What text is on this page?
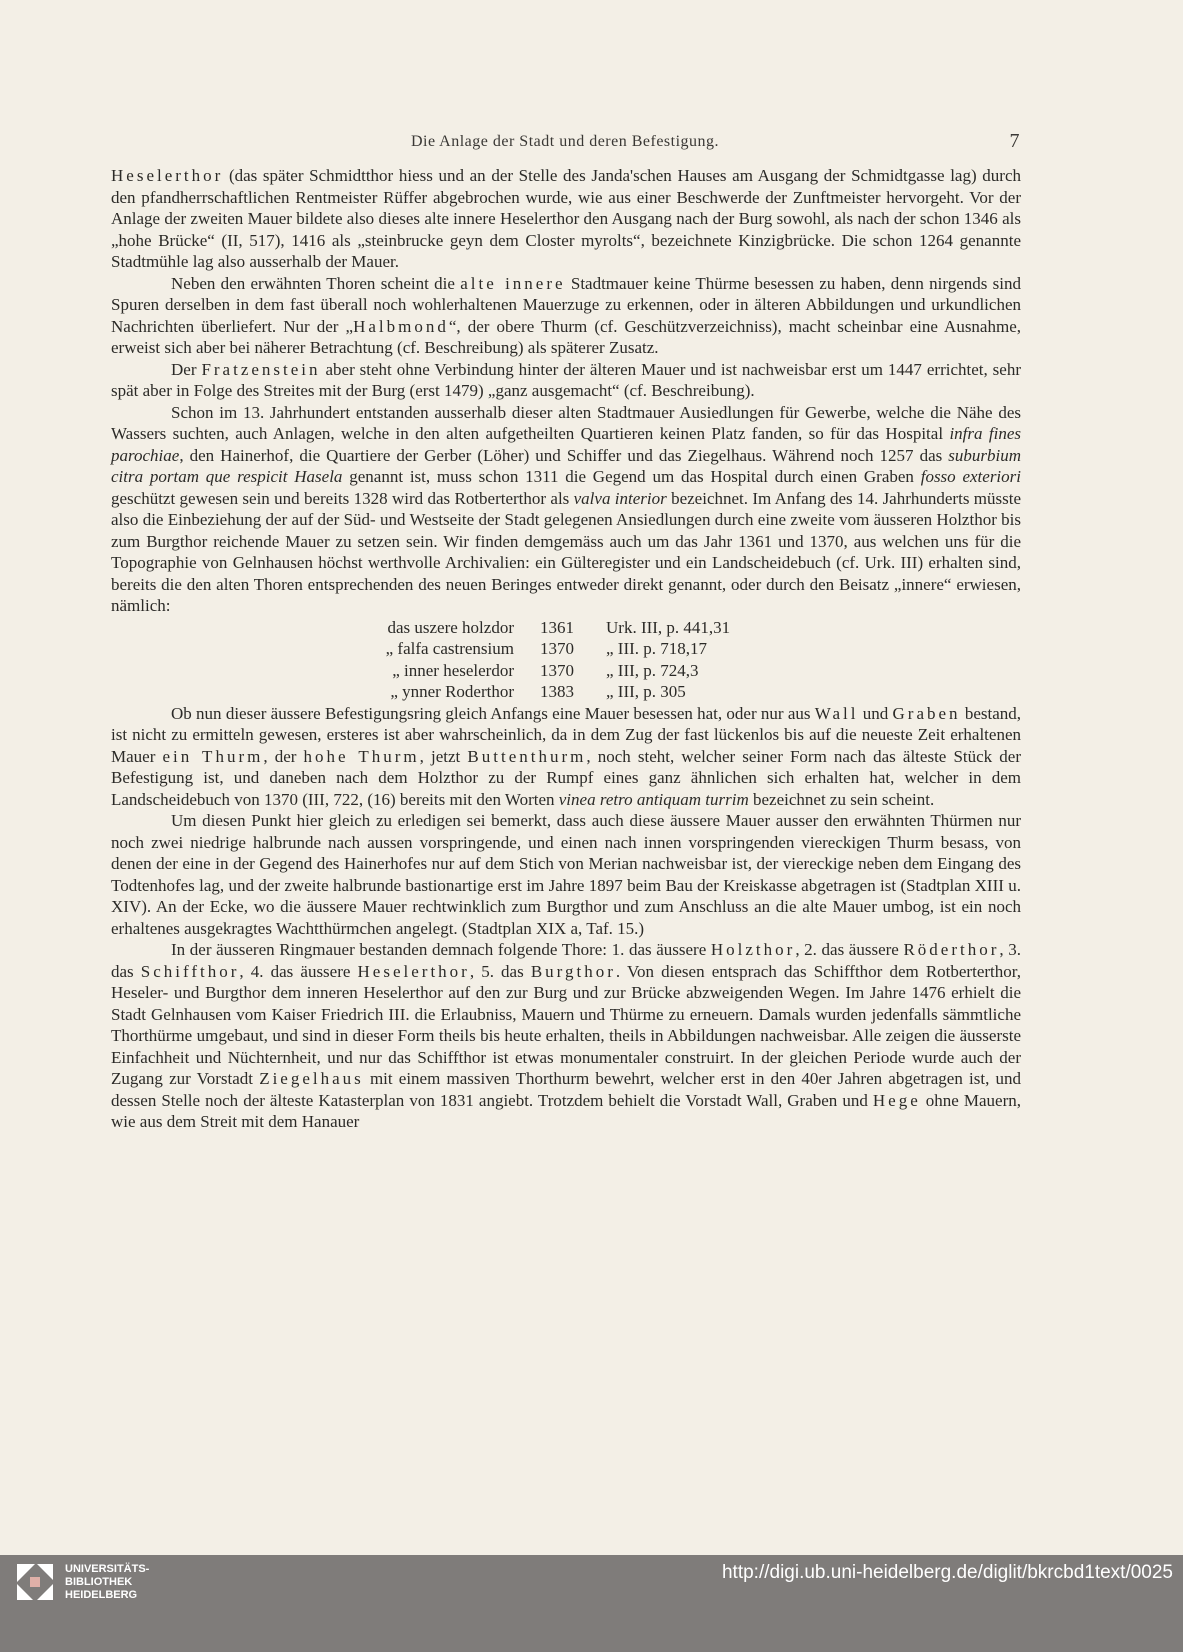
Die Anlage der Stadt und deren Befestigung.	7

Heselerthor (das später Schmidtthor hiess und an der Stelle des Janda'schen Hauses am Ausgang der Schmidtgasse lag) durch den pfandherrschaftlichen Rentmeister Rüffer abgebrochen wurde, wie aus einer Beschwerde der Zunftmeister hervorgeht. Vor der Anlage der zweiten Mauer bildete also dieses alte innere Heselerthor den Ausgang nach der Burg sowohl, als nach der schon 1346 als „hohe Brücke“ (II, 517), 1416 als „steinbrucke geyn dem Closter myrolts“, bezeichnete Kinzigbrücke. Die schon 1264 genannte Stadtmühle lag also ausserhalb der Mauer.

Neben den erwähnten Thoren scheint die alte innere Stadtmauer keine Thürme besessen zu haben, denn nirgends sind Spuren derselben in dem fast überall noch wohlerhaltenen Mauerzuge zu erkennen, oder in älteren Abbildungen und urkundlichen Nachrichten überliefert. Nur der „Halbmond“, der obere Thurm (cf. Geschützverzeichniss), macht scheinbar eine Ausnahme, erweist sich aber bei näherer Betrachtung (cf. Beschreibung) als späterer Zusatz.

Der Fratzenstein aber steht ohne Verbindung hinter der älteren Mauer und ist nachweisbar erst um 1447 errichtet, sehr spät aber in Folge des Streites mit der Burg (erst 1479) „ganz ausgemacht“ (cf. Beschreibung).

Schon im 13. Jahrhundert entstanden ausserhalb dieser alten Stadtmauer Ausiedlungen für Gewerbe, welche die Nähe des Wassers suchten, auch Anlagen, welche in den alten aufgetheilten Quartieren keinen Platz fanden, so für das Hospital infra fines parochiae, den Hainerhof, die Quartiere der Gerber (Löher) und Schiffer und das Ziegelhaus. Während noch 1257 das suburbium citra portam que respicit Hasela genannt ist, muss schon 1311 die Gegend um das Hospital durch einen Graben fosso exteriori geschützt gewesen sein und bereits 1328 wird das Rotberterthor als valva interior bezeichnet. Im Anfang des 14. Jahrhunderts müsste also die Einbeziehung der auf der Süd- und Westseite der Stadt gelegenen Ansiedlungen durch eine zweite vom äusseren Holzthor bis zum Burgthor reichende Mauer zu setzen sein. Wir finden demgemäss auch um das Jahr 1361 und 1370, aus welchen uns für die Topographie von Gelnhausen höchst werthvolle Archivalien: ein Gülteregister und ein Landscheidebuch (cf. Urk. III) erhalten sind, bereits die den alten Thoren entsprechenden des neuen Beringes entweder direkt genannt, oder durch den Beisatz „innere“ erwiesen, nämlich:

das uszere holzdor	1361	Urk. III, p. 441,31
„ falfa castrensium	1370	„ III. p. 718,17
„ inner heselerdor	1370	„ III, p. 724,3
„ ynner Roderthor	1383	„ III, p. 305

Ob nun dieser äussere Befestigungsring gleich Anfangs eine Mauer besessen hat, oder nur aus Wall und Graben bestand, ist nicht zu ermitteln gewesen, ersteres ist aber wahrscheinlich, da in dem Zug der fast lückenlos bis auf die neueste Zeit erhaltenen Mauer ein Thurm, der hohe Thurm, jetzt Buttenthurm, noch steht, welcher seiner Form nach das älteste Stück der Befestigung ist, und daneben nach dem Holzthor zu der Rumpf eines ganz ähnlichen sich erhalten hat, welcher in dem Landscheidebuch von 1370 (III, 722, (16) bereits mit den Worten vinea retro antiquam turrim bezeichnet zu sein scheint.

Um diesen Punkt hier gleich zu erledigen sei bemerkt, dass auch diese äussere Mauer ausser den erwähnten Thürmen nur noch zwei niedrige halbrunde nach aussen vorspringende, und einen nach innen vorspringenden viereckigen Thurm besass, von denen der eine in der Gegend des Hainerhofes nur auf dem Stich von Merian nachweisbar ist, der viereckige neben dem Eingang des Todtenhofes lag, und der zweite halbrunde bastionartige erst im Jahre 1897 beim Bau der Kreiskasse abgetragen ist (Stadtplan XIII u. XIV). An der Ecke, wo die äussere Mauer rechtwinklich zum Burgthor und zum Anschluss an die alte Mauer umbog, ist ein noch erhaltenes ausgekragtes Wachtthürmchen angelegt. (Stadtplan XIX a, Taf. 15.)

In der äusseren Ringmauer bestanden demnach folgende Thore: 1. das äussere Holzthor, 2. das äussere Röderthor, 3. das Schiffthor, 4. das äussere Heselerthor, 5. das Burgthor. Von diesen entsprach das Schiffthor dem Rotberterthor, Heseler- und Burgthor dem inneren Heselerthor auf den zur Burg und zur Brücke abzweigenden Wegen. Im Jahre 1476 erhielt die Stadt Gelnhausen vom Kaiser Friedrich III. die Erlaubniss, Mauern und Thürme zu erneuern. Damals wurden jedenfalls sämmtliche Thorthürme umgebaut, und sind in dieser Form theils bis heute erhalten, theils in Abbildungen nachweisbar. Alle zeigen die äusserste Einfachheit und Nüchternheit, und nur das Schiffthor ist etwas monumentaler construirt. In der gleichen Periode wurde auch der Zugang zur Vorstadt Ziegelhaus mit einem massiven Thorthurm bewehrt, welcher erst in den 40er Jahren abgetragen ist, und dessen Stelle noch der älteste Katasterplan von 1831 angiebt. Trotzdem behielt die Vorstadt Wall, Graben und Hege ohne Mauern, wie aus dem Streit mit dem Hanauer

UNIVERSITÄTS-
BIBLIOTHEK
HEIDELBERG
http://digi.ub.uni-heidelberg.de/diglit/bkrcbd1text/0025
